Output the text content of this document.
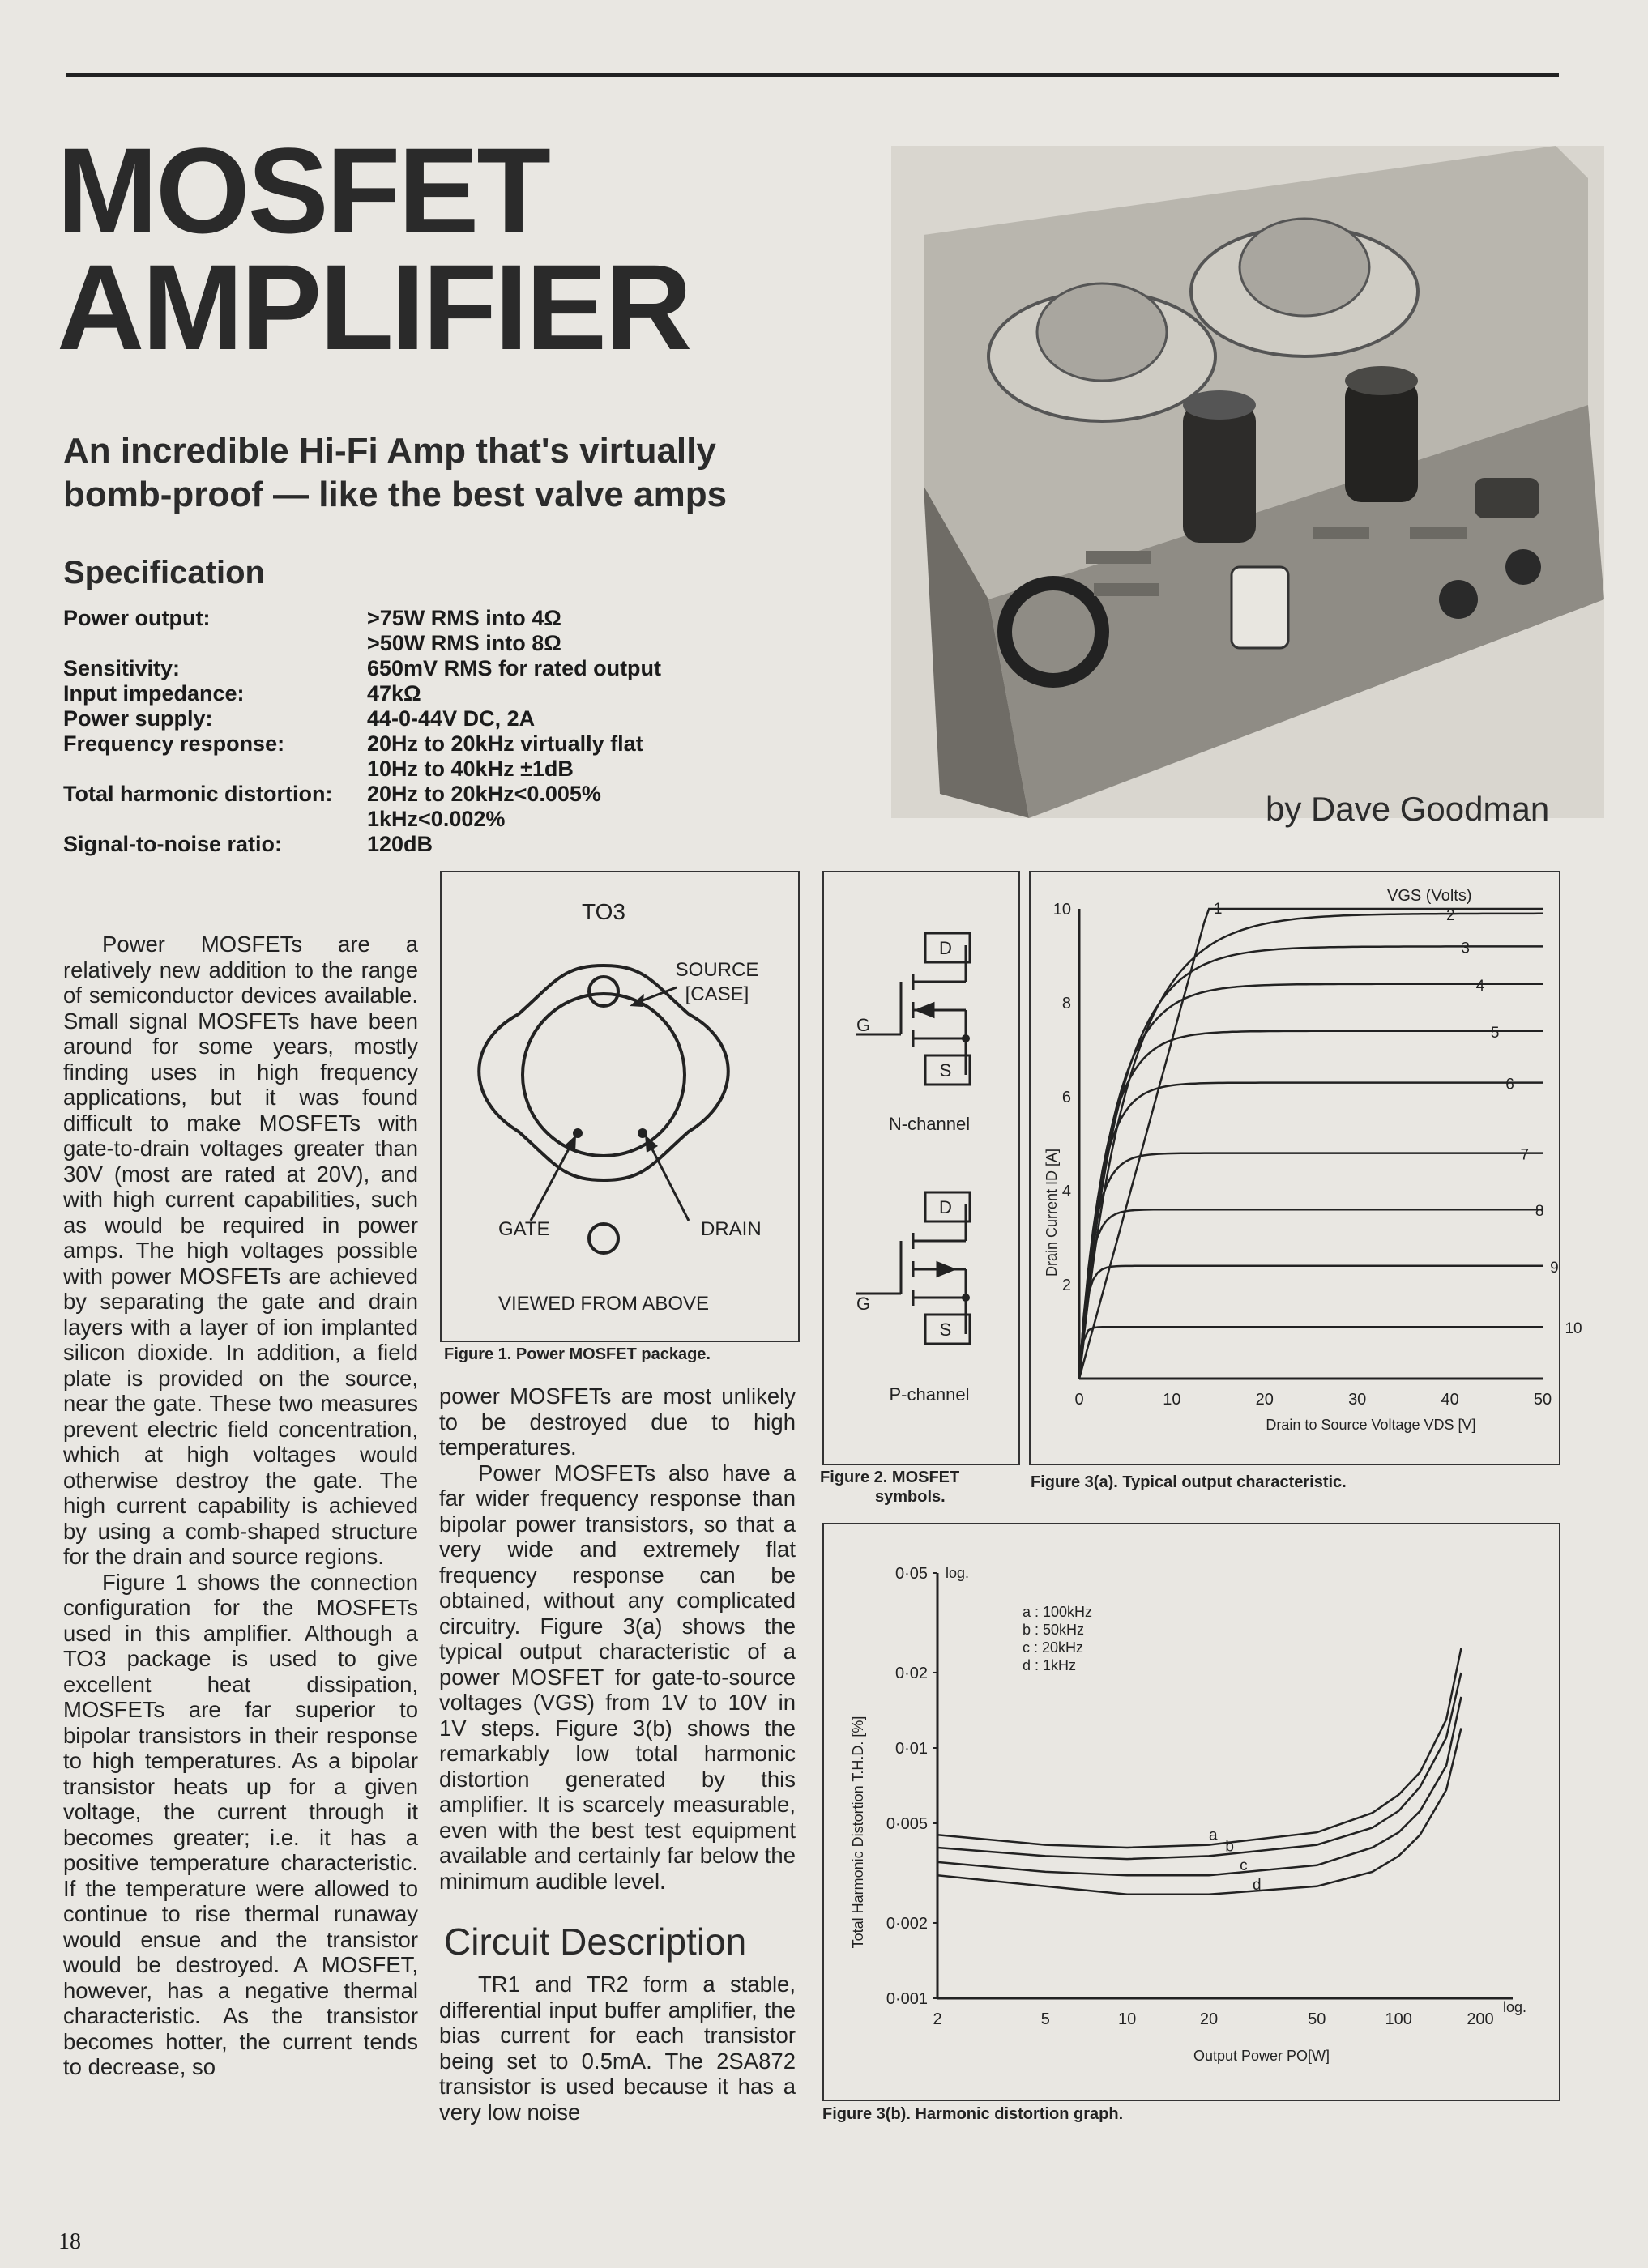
MOSFET
AMPLIFIER
An incredible Hi-Fi Amp that's virtually bomb-proof — like the best valve amps
Specification
Power output:	>75W RMS into 4Ω
>50W RMS into 8Ω
Sensitivity:	650mV RMS for rated output
Input impedance:	47kΩ
Power supply:	44-0-44V DC, 2A
Frequency response:	20Hz to 20kHz virtually flat
10Hz to 40kHz ±1dB
Total harmonic distortion:	20Hz to 20kHz<0.005%
1kHz<0.002%
Signal-to-noise ratio:	120dB
by Dave Goodman

Power MOSFETs are a relatively new addition to the range of semiconductor devices available. Small signal MOSFETs have been around for some years, mostly finding uses in high frequency applications, but it was found difficult to make MOSFETs with gate-to-drain voltages greater than 30V (most are rated at 20V), and with high current capabilities, such as would be required in power amps. The high voltages possible with power MOSFETs are achieved by separating the gate and drain layers with a layer of ion implanted silicon dioxide. In addition, a field plate is provided on the source, near the gate. These two measures prevent electric field concentration, which at high voltages would otherwise destroy the gate. The high current capability is achieved by using a comb-shaped structure for the drain and source regions.

Figure 1 shows the connection configuration for the MOSFETs used in this amplifier. Although a TO3 package is used to give excellent heat dissipation, MOSFETs are far superior to bipolar transistors in their response to high temperatures. As a bipolar transistor heats up for a given voltage, the current through it becomes greater; i.e. it has a positive temperature characteristic. If the temperature were allowed to continue to rise thermal runaway would ensue and the transistor would be destroyed. A MOSFET, however, has a negative thermal characteristic. As the transistor becomes hotter, the current tends to decrease, so

TO3
SOURCE
[CASE]
GATE	DRAIN
VIEWED FROM ABOVE
Figure 1. Power MOSFET package.

power MOSFETs are most unlikely to be destroyed due to high temperatures.

Power MOSFETs also have a far wider frequency response than bipolar power transistors, so that a very wide and extremely flat frequency response can be obtained, without any complicated circuitry. Figure 3(a) shows the typical output characteristic of a power MOSFET for gate-to-source voltages (VGS) from 1V to 10V in 1V steps. Figure 3(b) shows the remarkably low total harmonic distortion generated by this amplifier. It is scarcely measurable, even with the best test equipment available and certainly far below the minimum audible level.

Circuit Description

TR1 and TR2 form a stable, differential input buffer amplifier, the bias current for each transistor being set to 0.5mA. The 2SA872 transistor is used because it has a very low noise

D
G
S
N-channel
D
G
S
P-channel
Figure 2. MOSFET
symbols.
VGS (Volts)
Drain Current ID [A]
Drain to Source Voltage VDS [V]
0	10	20	30	40	50
2
4
6
8
10	1	2
3
4
5
6
7
8
9
10
Figure 3(a). Typical output characteristic.
Total Harmonic Distortion T.H.D. [%]
Output Power PO[W]
log.
log.
a : 100kHz
b : 50kHz
c : 20kHz
d : 1kHz
2	5	10	20	50	100	200
0·001
0·002
0·005
0·01
0·02
0·05
a
b
c
d
Figure 3(b). Harmonic distortion graph.
18
